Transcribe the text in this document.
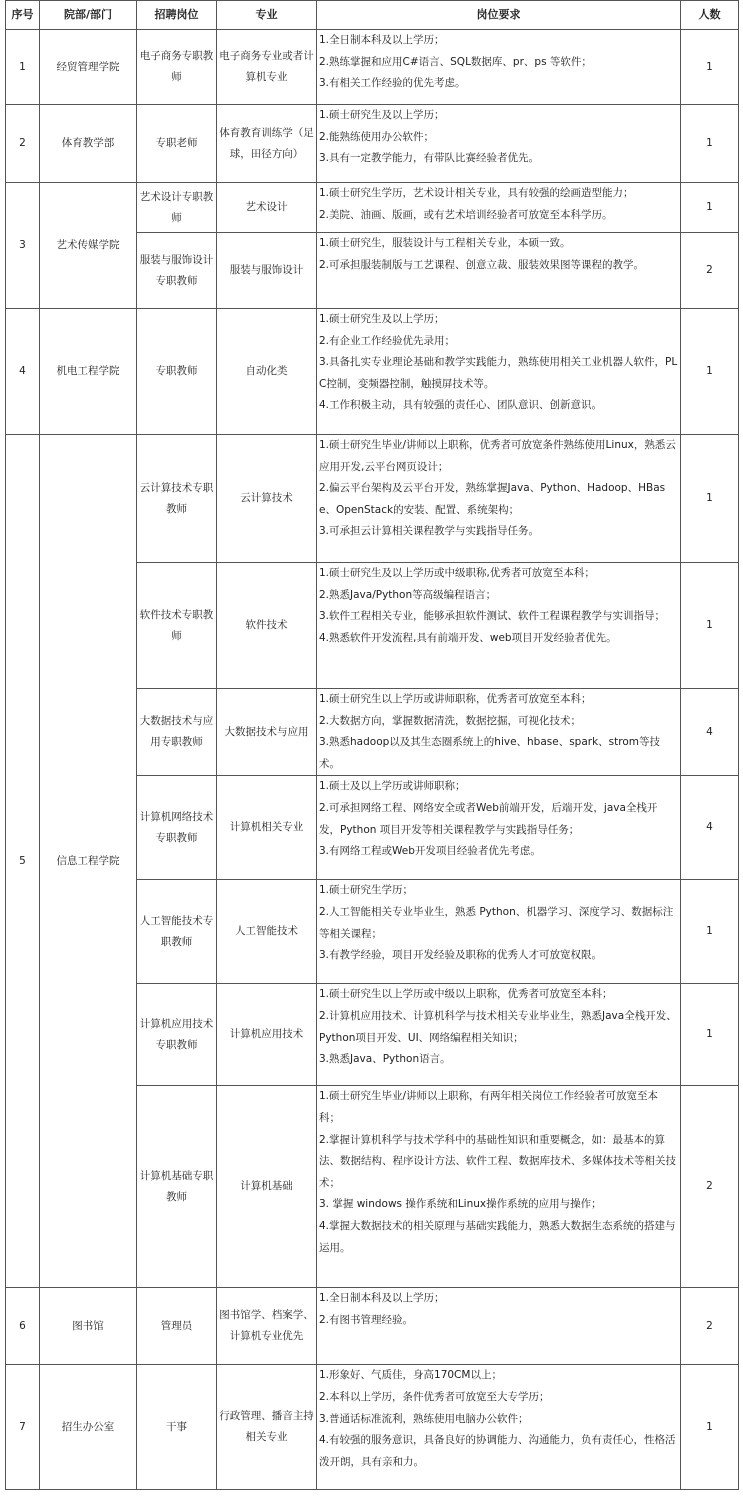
序号	院部/部门	招聘岗位	专业	岗位要求	人数
1	经贸管理学院	电子商务专职教师	电子商务专业或者计算机专业	1.全日制本科及以上学历；
2.熟练掌握和应用C#语言、SQL数据库、pr、ps 等软件；
3.有相关工作经验的优先考虑。	1
2	体育教学部	专职老师	体育教育训练学（足球，田径方向）	1.硕士研究生及以上学历；
2.能熟练使用办公软件；
3.具有一定教学能力，有带队比赛经验者优先。	1
3	艺术传媒学院	艺术设计专职教师	艺术设计	1.硕士研究生学历，艺术设计相关专业，具有较强的绘画造型能力；
2.美院、油画、版画，或有艺术培训经验者可放宽至本科学历。	1
		服装与服饰设计专职教师	服装与服饰设计	1.硕士研究生，服装设计与工程相关专业，本硕一致。
2.可承担服装制版与工艺课程、创意立裁、服装效果图等课程的教学。	2
4	机电工程学院	专职教师	自动化类	1.硕士研究生及以上学历；
2.有企业工作经验优先录用；
3.具备扎实专业理论基础和教学实践能力，熟练使用相关工业机器人软件，PLC控制，变频器控制，触摸屏技术等。
4.工作积极主动，具有较强的责任心、团队意识、创新意识。	1
5	信息工程学院	云计算技术专职教师	云计算技术	1.硕士研究生毕业/讲师以上职称，优秀者可放宽条件熟练使用Linux，熟悉云应用开发,云平台网页设计；
2.偏云平台架构及云平台开发，熟练掌握Java、Python、Hadoop、HBase、OpenStack的安装、配置、系统架构；
3.可承担云计算相关课程教学与实践指导任务。	1
		软件技术专职教师	软件技术	1.硕士研究生及以上学历或中级职称,优秀者可放宽至本科；
2.熟悉Java/Python等高级编程语言；
3.软件工程相关专业，能够承担软件测试、软件工程课程教学与实训指导；
4.熟悉软件开发流程,具有前端开发、web项目开发经验者优先。	1
		大数据技术与应用专职教师	大数据技术与应用	1.硕士研究生以上学历或讲师职称，优秀者可放宽至本科；
2.大数据方向，掌握数据清洗，数据挖掘，可视化技术；
3.熟悉hadoop以及其生态圈系统上的hive、hbase、spark、strom等技术。	4
		计算机网络技术专职教师	计算机相关专业	1.硕士及以上学历或讲师职称；
2.可承担网络工程、网络安全或者Web前端开发，后端开发，java全栈开发，Python 项目开发等相关课程教学与实践指导任务；
3.有网络工程或Web开发项目经验者优先考虑。	4
		人工智能技术专职教师	人工智能技术	1.硕士研究生学历；
2.人工智能相关专业毕业生，熟悉 Python、机器学习、深度学习、数据标注等相关课程；
3.有教学经验，项目开发经验及职称的优秀人才可放宽权限。	1
		计算机应用技术专职教师	计算机应用技术	1.硕士研究生以上学历或中级以上职称，优秀者可放宽至本科；
2.计算机应用技术、计算机科学与技术相关专业毕业生，熟悉Java全栈开发、Python项目开发、UI、网络编程相关知识；
3.熟悉Java、Python语言。	1
		计算机基础专职教师	计算机基础	1.硕士研究生毕业/讲师以上职称，有两年相关岗位工作经验者可放宽至本科；
2.掌握计算机科学与技术学科中的基础性知识和重要概念，如：最基本的算法、数据结构、程序设计方法、软件工程、数据库技术、多媒体技术等相关技术；
3. 掌握 windows 操作系统和Linux操作系统的应用与操作；
4.掌握大数据技术的相关原理与基础实践能力，熟悉大数据生态系统的搭建与运用。	2
6	图书馆	管理员	图书馆学、档案学、计算机专业优先	1.全日制本科及以上学历；
2.有图书管理经验。	2
7	招生办公室	干事	行政管理、播音主持相关专业	1.形象好、气质佳，身高170CM以上；
2.本科以上学历，条件优秀者可放宽至大专学历；
3.普通话标准流利，熟练使用电脑办公软件；
4.有较强的服务意识，具备良好的协调能力、沟通能力，负有责任心，性格活泼开朗，具有亲和力。	1
